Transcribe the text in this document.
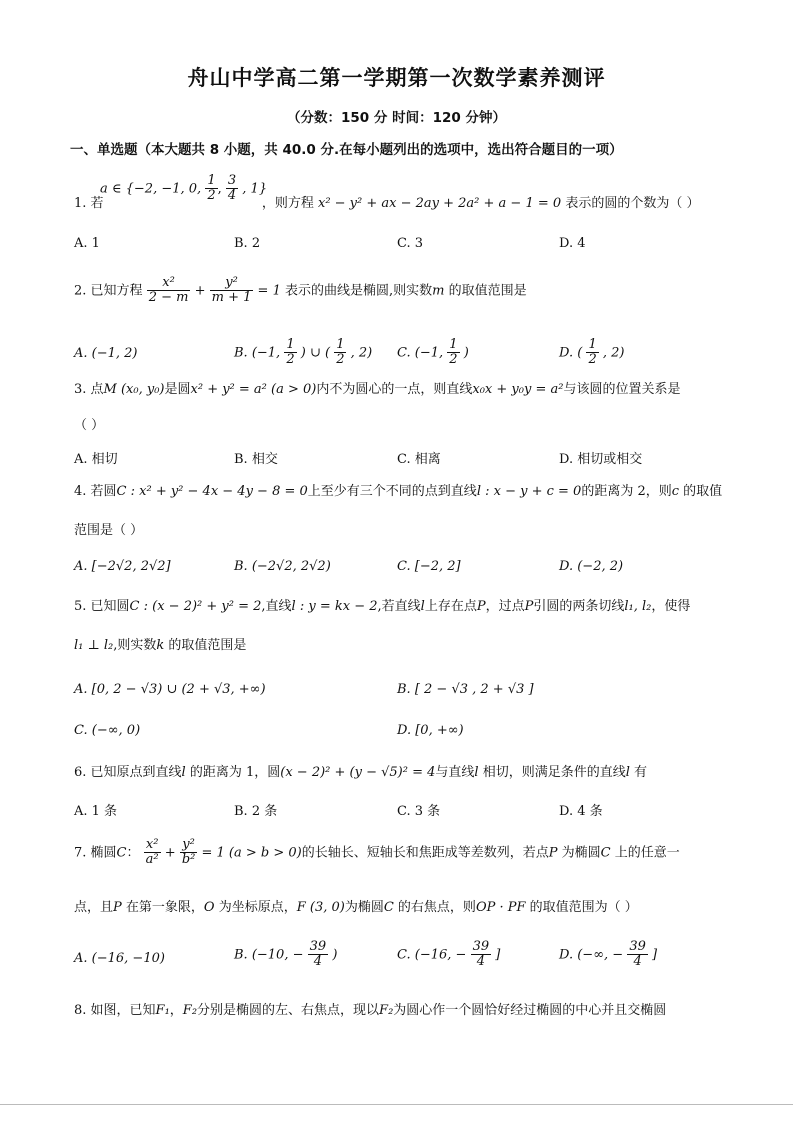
舟山中学高二第一学期第一次数学素养测评
（分数：150 分 时间：120 分钟）
一、单选题（本大题共 8 小题，共 40.0 分.在每小题列出的选项中，选出符合题目的一项）
a ∈ {−2, −1, 0, $\frac{1}{2}$ , $\frac{3}{4}$ , 1}
1. 若	，则方程 x² − y² + ax − 2ay + 2a² + a − 1 = 0 表示的圆的个数为（ ）
A. 1	B. 2	C. 3	D. 4
2. 已知方程 $\frac{\text{x²}}{2 - m} + \frac{\text{y²}}{m + 1} = 1$ 表示的曲线是椭圆,则实数m 的取值范围是
A. (−1, 2)	B. (−1, $\frac{1}{2}$ ) ∪ ( $\frac{1}{2}$ , 2) C. (−1, $\frac{1}{2}$ )	D. ( $\frac{1}{2}$ , 2)
3. 点M (x₀, y₀)是圆x² + y² = a² (a > 0)内不为圆心的一点，则直线x₀x + y₀y = a²与该圆的位置关系是
（ ）
A. 相切	B. 相交	C. 相离	D. 相切或相交
4. 若圆C : x² + y² − 4x − 4y − 8 = 0上至少有三个不同的点到直线l : x − y + c = 0的距离为 2，则c 的取值
范围是（ ）
A. [−2√2, 2√2]	B. (−2√2, 2√2)	C. [−2, 2]	D. (−2, 2)
5. 已知圆C : (x − 2)² + y² = 2,直线l : y = kx − 2,若直线l上存在点P，过点P引圆的两条切线l₁, l₂，使得
l₁ ⊥ l₂,则实数k 的取值范围是
A. [0, 2 − √3) ∪ (2 + √3, +∞)	B. [ 2 − √3 , 2 + √3 ]
C. (−∞, 0)	D. [0, +∞)
6. 已知原点到直线l 的距离为 1，圆(x − 2)² + (y − √5)² = 4与直线l 相切，则满足条件的直线l 有
A. 1 条	B. 2 条	C. 3 条	D. 4 条
7. 椭圆C： $\frac{\text{x²}}{\text{a²}} + \frac{\text{y²}}{\text{b²}} = 1$ (a > b > 0)的长轴长、短轴长和焦距成等差数列，若点P 为椭圆C 上的任意一
点，且P 在第一象限，O 为坐标原点，F (3, 0)为椭圆C 的右焦点，则OP · PF 的取值范围为（ ）
A. (−16, −10)	B. (−10, − $\frac{39}{4}$ )	C. (−16, − $\frac{39}{4}$ ]	D. (−∞, − $\frac{39}{4}$ ]
8. 如图，已知F₁，F₂分别是椭圆的左、右焦点，现以F₂为圆心作一个圆恰好经过椭圆的中心并且交椭圆
